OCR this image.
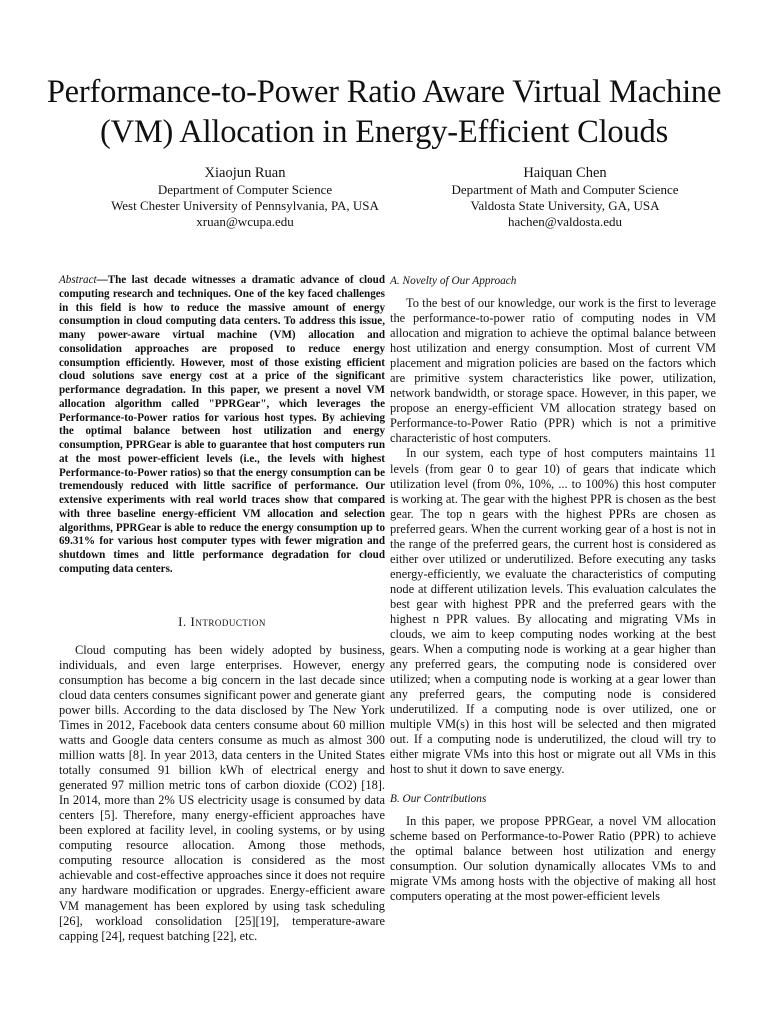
Performance-to-Power Ratio Aware Virtual Machine
(VM) Allocation in Energy-Efficient Clouds
Xiaojun Ruan
Department of Computer Science
West Chester University of Pennsylvania, PA, USA
xruan@wcupa.edu
Haiquan Chen
Department of Math and Computer Science
Valdosta State University, GA, USA
hachen@valdosta.edu

Abstract—The last decade witnesses a dramatic advance of cloud computing research and techniques. One of the key faced challenges in this field is how to reduce the massive amount of energy consumption in cloud computing data centers. To address this issue, many power-aware virtual machine (VM) allocation and consolidation approaches are proposed to reduce energy consumption efficiently. However, most of those existing efficient cloud solutions save energy cost at a price of the significant performance degradation. In this paper, we present a novel VM allocation algorithm called "PPRGear", which leverages the Performance-to-Power ratios for various host types. By achieving the optimal balance between host utilization and energy consumption, PPRGear is able to guarantee that host computers run at the most power-efficient levels (i.e., the levels with highest Performance-to-Power ratios) so that the energy consumption can be tremendously reduced with little sacrifice of performance. Our extensive experiments with real world traces show that compared with three baseline energy-efficient VM allocation and selection algorithms, PPRGear is able to reduce the energy consumption up to 69.31% for various host computer types with fewer migration and shutdown times and little performance degradation for cloud computing data centers.

I. Introduction

Cloud computing has been widely adopted by business, individuals, and even large enterprises. However, energy consumption has become a big concern in the last decade since cloud data centers consumes significant power and generate giant power bills. According to the data disclosed by The New York Times in 2012, Facebook data centers consume about 60 million watts and Google data centers consume as much as almost 300 million watts [8]. In year 2013, data centers in the United States totally consumed 91 billion kWh of electrical energy and generated 97 million metric tons of carbon dioxide (CO2) [18]. In 2014, more than 2% US electricity usage is consumed by data centers [5]. Therefore, many energy-efficient approaches have been explored at facility level, in cooling systems, or by using computing resource allocation. Among those methods, computing resource allocation is considered as the most achievable and cost-effective approaches since it does not require any hardware modification or upgrades. Energy-efficient aware VM management has been explored by using task scheduling [26], workload consolidation [25][19], temperature-aware capping [24], request batching [22], etc.

A. Novelty of Our Approach

To the best of our knowledge, our work is the first to leverage the performance-to-power ratio of computing nodes in VM allocation and migration to achieve the optimal balance between host utilization and energy consumption. Most of current VM placement and migration policies are based on the factors which are primitive system characteristics like power, utilization, network bandwidth, or storage space. However, in this paper, we propose an energy-efficient VM allocation strategy based on Performance-to-Power Ratio (PPR) which is not a primitive characteristic of host computers.

In our system, each type of host computers maintains 11 levels (from gear 0 to gear 10) of gears that indicate which utilization level (from 0%, 10%, ... to 100%) this host computer is working at. The gear with the highest PPR is chosen as the best gear. The top n gears with the highest PPRs are chosen as preferred gears. When the current working gear of a host is not in the range of the preferred gears, the current host is considered as either over utilized or underutilized. Before executing any tasks energy-efficiently, we evaluate the characteristics of computing node at different utilization levels. This evaluation calculates the best gear with highest PPR and the preferred gears with the highest n PPR values. By allocating and migrating VMs in clouds, we aim to keep computing nodes working at the best gears. When a computing node is working at a gear higher than any preferred gears, the computing node is considered over utilized; when a computing node is working at a gear lower than any preferred gears, the computing node is considered underutilized. If a computing node is over utilized, one or multiple VM(s) in this host will be selected and then migrated out. If a computing node is underutilized, the cloud will try to either migrate VMs into this host or migrate out all VMs in this host to shut it down to save energy.

B. Our Contributions

In this paper, we propose PPRGear, a novel VM allocation scheme based on Performance-to-Power Ratio (PPR) to achieve the optimal balance between host utilization and energy consumption. Our solution dynamically allocates VMs to and migrate VMs among hosts with the objective of making all host computers operating at the most power-efficient levels
